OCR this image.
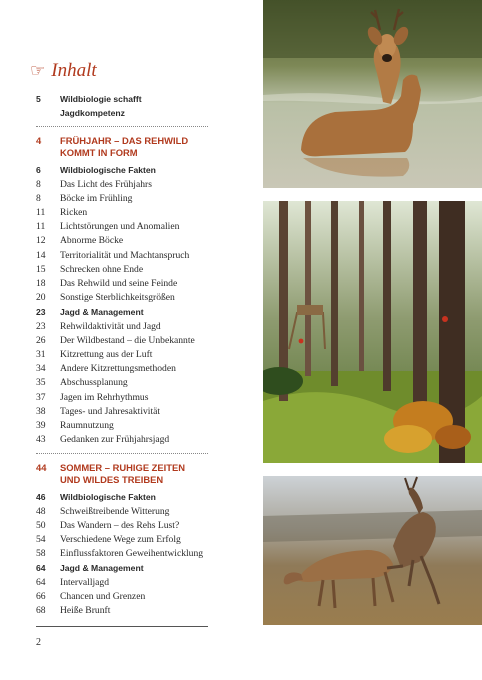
☞ Inhalt
5	Wildbiologie schafft Jagdkompetenz
4	FRÜHJAHR – DAS REHWILD
KOMMT IN FORM
6	Wildbiologische Fakten
8	Das Licht des Frühjahrs
8	Böcke im Frühling
11	Ricken
11	Lichtstörungen und Anomalien
12	Abnorme Böcke
14	Territorialität und Machtanspruch
15	Schrecken ohne Ende
18	Das Rehwild und seine Feinde
20	Sonstige Sterblichkeitsgrößen
23	Jagd & Management
23	Rehwildaktivität und Jagd
26	Der Wildbestand – die Unbekannte
31	Kitzrettung aus der Luft
34	Andere Kitzrettungsmethoden
35	Abschussplanung
37	Jagen im Rehrhythmus
38	Tages- und Jahresaktivität
39	Raumnutzung
43	Gedanken zur Frühjahrsjagd
44	SOMMER – RUHIGE ZEITEN
UND WILDES TREIBEN
46	Wildbiologische Fakten
48	Schweißtreibende Witterung
50	Das Wandern – des Rehs Lust?
54	Verschiedene Wege zum Erfolg
58	Einflussfaktoren Geweihentwicklung
64	Jagd & Management
64	Intervalljagd
66	Chancen und Grenzen
68	Heiße Brunft
2
